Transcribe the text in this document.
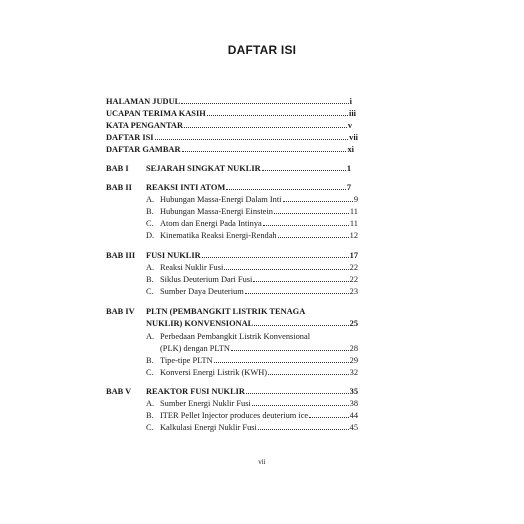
DAFTAR ISI
HALAMAN JUDUL	i
UCAPAN TERIMA KASIH	iii
KATA PENGANTAR	v
DAFTAR ISI	vii
DAFTAR GAMBAR	xi
BAB I SEJARAH SINGKAT NUKLIR	1
BAB II REAKSI INTI ATOM	7
A. Hubungan Massa-Energi Dalam Inti	9
B. Hubungan Massa-Energi Einstein	11
C. Atom dan Energi Pada Intinya	11
D. Kinematika Reaksi Energi-Rendah	12
BAB III FUSI NUKLIR	17
A. Reaksi Nuklir Fusi	22
B. Siklus Deuterium Dari Fusi	22
C. Sumber Daya Deuterium	23
BAB IV PLTN (PEMBANGKIT LISTRIK TENAGA
NUKLIR) KONVENSIONAL	25
A. Perbedaan Pembangkit Listrik Konvensional
(PLK) dengan PLTN	28
B. Tipe-tipe PLTN	29
C. Konversi Energi Listrik (KWH)	32
BAB V REAKTOR FUSI NUKLIR	35
A. Sumber Energi Nuklir Fusi	38
B. ITER Pellet Injector produces deuterium ice	44
C. Kalkulasi Energi Nuklir Fusi	45
vii
